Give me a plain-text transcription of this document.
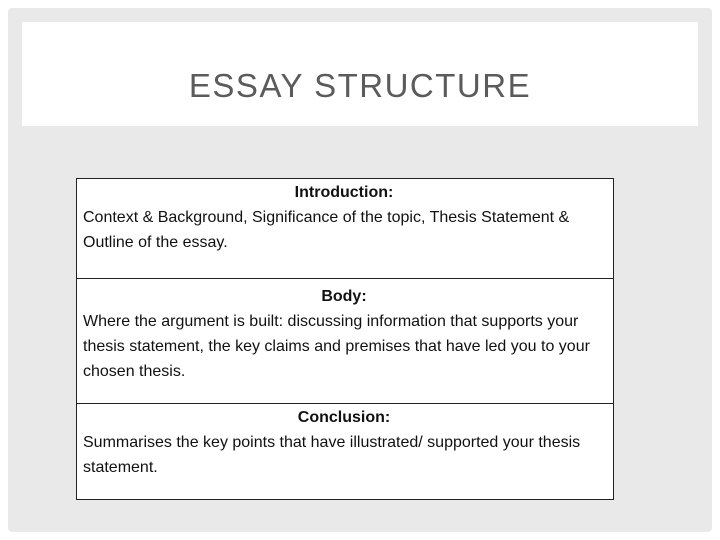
ESSAY STRUCTURE
Introduction:
Context & Background, Significance of the topic, Thesis Statement & Outline of the essay.
Body:
Where the argument is built: discussing information that supports your thesis statement, the key claims and premises that have led you to your chosen thesis.
Conclusion:
Summarises the key points that have illustrated/ supported your thesis statement.
